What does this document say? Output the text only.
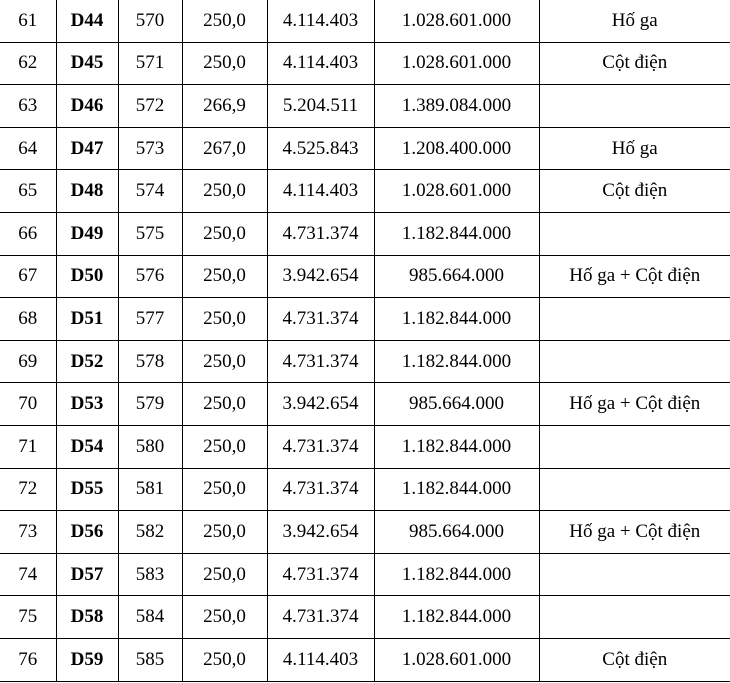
61	D44	570	250,0	4.114.403	1.028.601.000	Hố ga
62	D45	571	250,0	4.114.403	1.028.601.000	Cột điện
63	D46	572	266,9	5.204.511	1.389.084.000	
64	D47	573	267,0	4.525.843	1.208.400.000	Hố ga
65	D48	574	250,0	4.114.403	1.028.601.000	Cột điện
66	D49	575	250,0	4.731.374	1.182.844.000	
67	D50	576	250,0	3.942.654	985.664.000	Hố ga + Cột điện
68	D51	577	250,0	4.731.374	1.182.844.000	
69	D52	578	250,0	4.731.374	1.182.844.000	
70	D53	579	250,0	3.942.654	985.664.000	Hố ga + Cột điện
71	D54	580	250,0	4.731.374	1.182.844.000	
72	D55	581	250,0	4.731.374	1.182.844.000	
73	D56	582	250,0	3.942.654	985.664.000	Hố ga + Cột điện
74	D57	583	250,0	4.731.374	1.182.844.000	
75	D58	584	250,0	4.731.374	1.182.844.000	
76	D59	585	250,0	4.114.403	1.028.601.000	Cột điện
